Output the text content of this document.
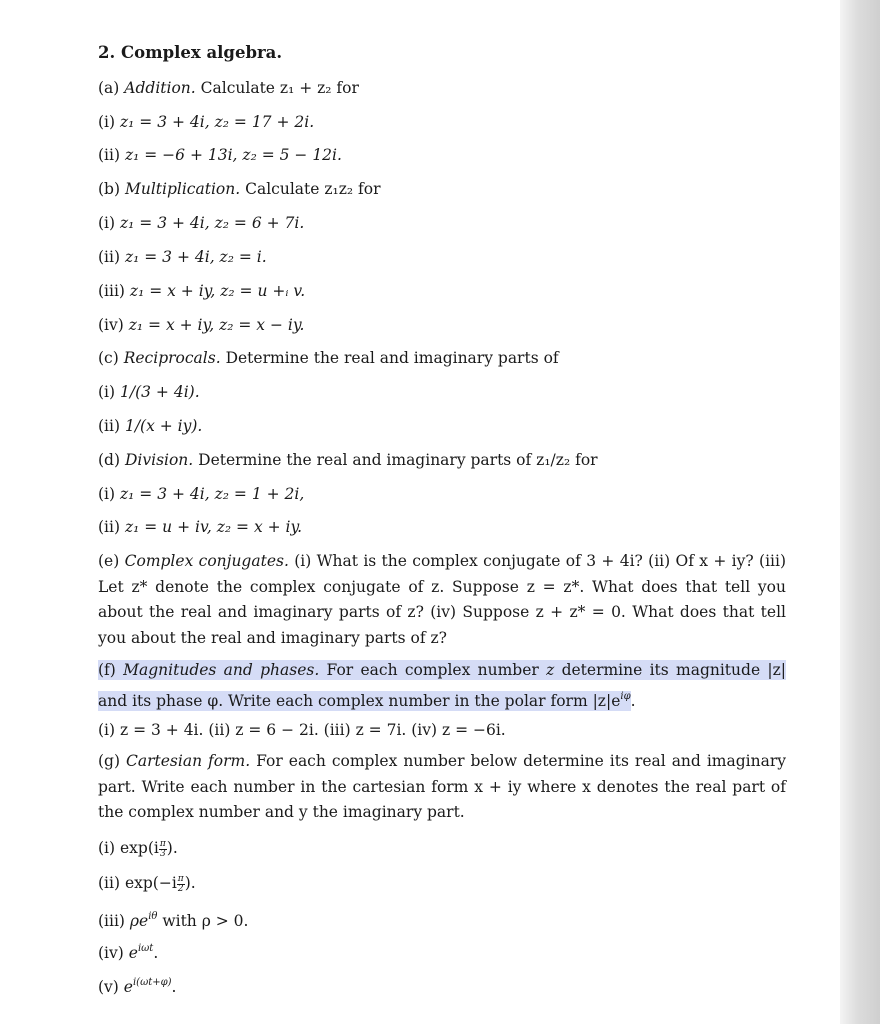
2. Complex algebra.
(a) Addition. Calculate z₁ + z₂ for
(i) z₁ = 3 + 4i, z₂ = 17 + 2i.
(ii) z₁ = −6 + 13i, z₂ = 5 − 12i.
(b) Multiplication. Calculate z₁z₂ for
(i) z₁ = 3 + 4i, z₂ = 6 + 7i.
(ii) z₁ = 3 + 4i, z₂ = i.
(iii) z₁ = x + iy, z₂ = u +ᵢ v.
(iv) z₁ = x + iy, z₂ = x − iy.
(c) Reciprocals. Determine the real and imaginary parts of
(i) 1/(3 + 4i).
(ii) 1/(x + iy).
(d) Division. Determine the real and imaginary parts of z₁/z₂ for
(i) z₁ = 3 + 4i, z₂ = 1 + 2i,
(ii) z₁ = u + iv, z₂ = x + iy.
(e) Complex conjugates. (i) What is the complex conjugate of 3 + 4i? (ii) Of x + iy? (iii) Let z* denote the complex conjugate of z. Suppose z = z*. What does that tell you about the real and imaginary parts of z? (iv) Suppose z + z* = 0. What does that tell you about the real and imaginary parts of z?
(f) Magnitudes and phases. For each complex number z determine its magnitude |z| and its phase φ. Write each complex number in the polar form $|z|e^{i\varphi}$.
(i) z = 3 + 4i. (ii) z = 6 − 2i. (iii) z = 7i. (iv) z = −6i.
(g) Cartesian form. For each complex number below determine its real and imaginary part. Write each number in the cartesian form x + iy where x denotes the real part of the complex number and y the imaginary part.
(i) $\exp(i \frac{\pi}{3}$ ).
(ii) $\exp(-i \frac{\pi}{2}$ ).
(iii) $\rho e^{i\theta}$ with ρ > 0.
(iv) $e^{i\omega t}$.
(v) $e^{i(\omega t+\varphi)}$.
